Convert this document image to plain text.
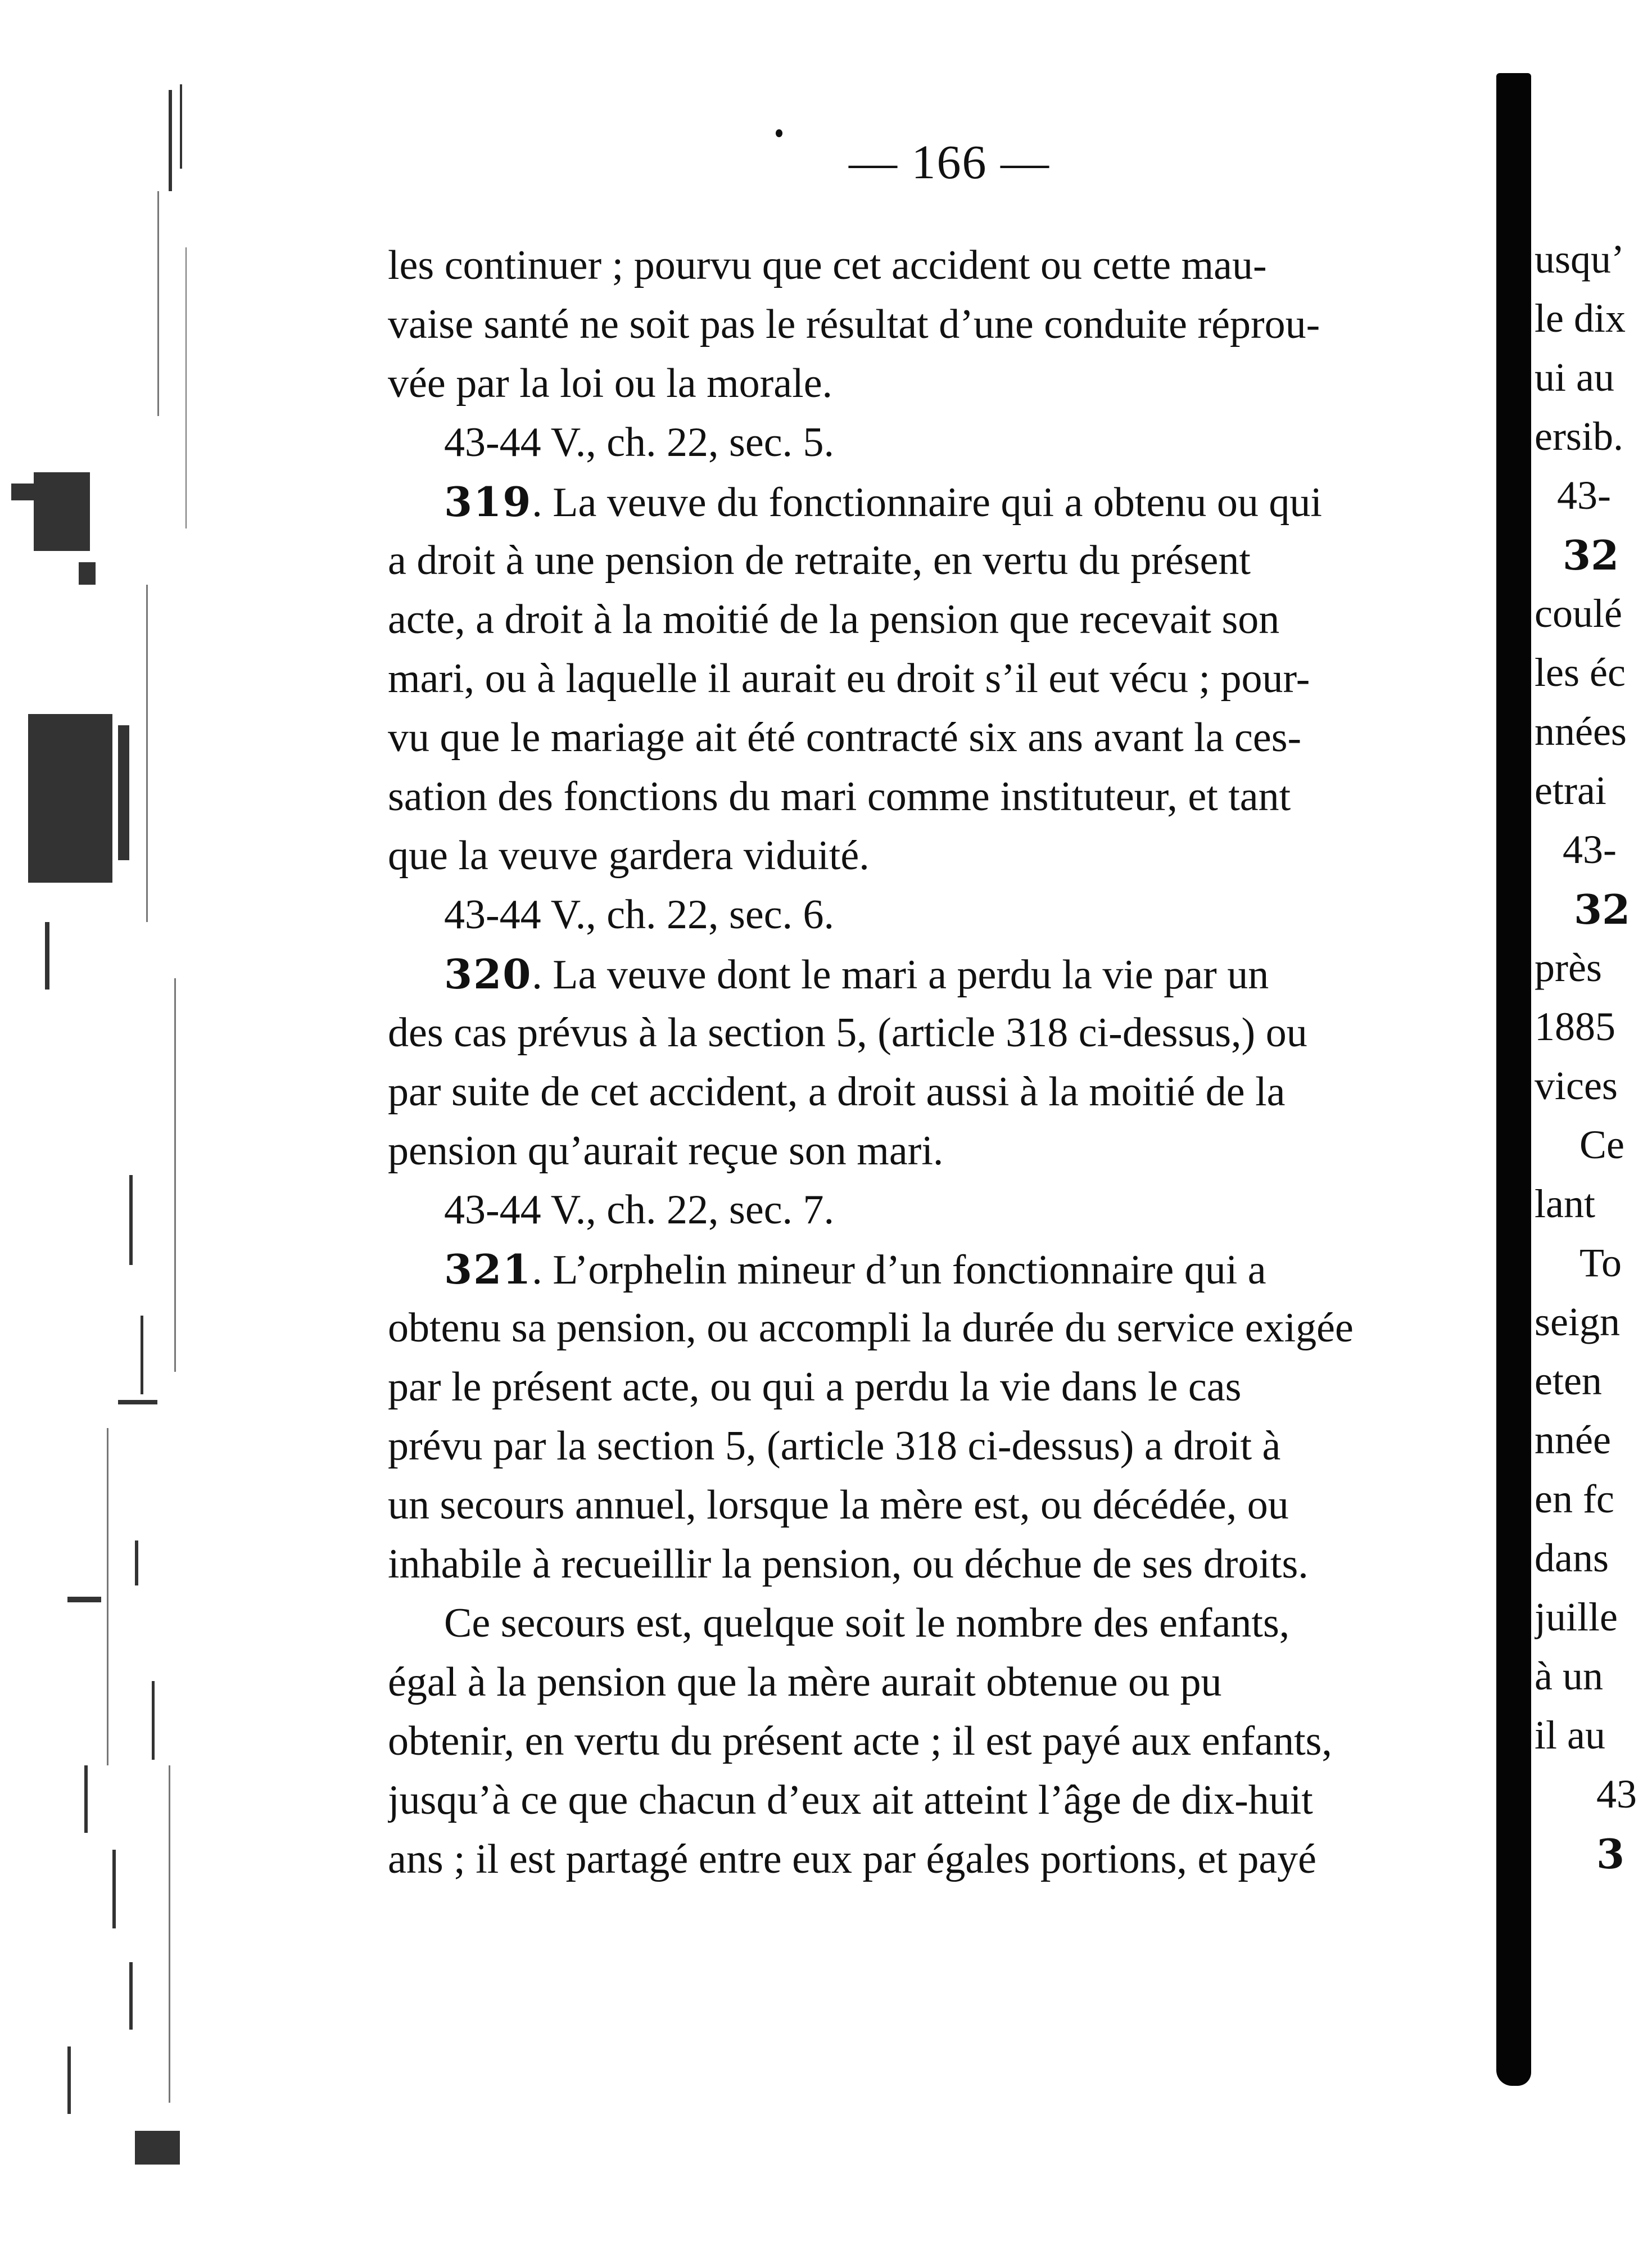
— 166 —
les continuer ; pourvu que cet accident ou cette mau-
vaise santé ne soit pas le résultat d’une conduite réprou-
vée par la loi ou la morale.
43-44 V., ch. 22, sec. 5.
319. La veuve du fonctionnaire qui a obtenu ou qui
a droit à une pension de retraite, en vertu du présent
acte, a droit à la moitié de la pension que recevait son
mari, ou à laquelle il aurait eu droit s’il eut vécu ; pour-
vu que le mariage ait été contracté six ans avant la ces-
sation des fonctions du mari comme instituteur, et tant
que la veuve gardera viduité.
43-44 V., ch. 22, sec. 6.
320. La veuve dont le mari a perdu la vie par un
des cas prévus à la section 5, (article 318 ci-dessus,) ou
par suite de cet accident, a droit aussi à la moitié de la
pension qu’aurait reçue son mari.
43-44 V., ch. 22, sec. 7.
321. L’orphelin mineur d’un fonctionnaire qui a
obtenu sa pension, ou accompli la durée du service exigée
par le présent acte, ou qui a perdu la vie dans le cas
prévu par la section 5, (article 318 ci-dessus) a droit à
un secours annuel, lorsque la mère est, ou décédée, ou
inhabile à recueillir la pension, ou déchue de ses droits.
Ce secours est, quelque soit le nombre des enfants,
égal à la pension que la mère aurait obtenue ou pu
obtenir, en vertu du présent acte ; il est payé aux enfants,
jusqu’à ce que chacun d’eux ait atteint l’âge de dix-huit
ans ; il est partagé entre eux par égales portions, et payé
usqu’
le dix
ui au
ersib.
43-
32
coulé
les éc
nnées
etrai
43-
32
près
1885
vices
Ce
lant
To
seign
eten
nnée
en fc
dans
juille
à un
il au
43
3
